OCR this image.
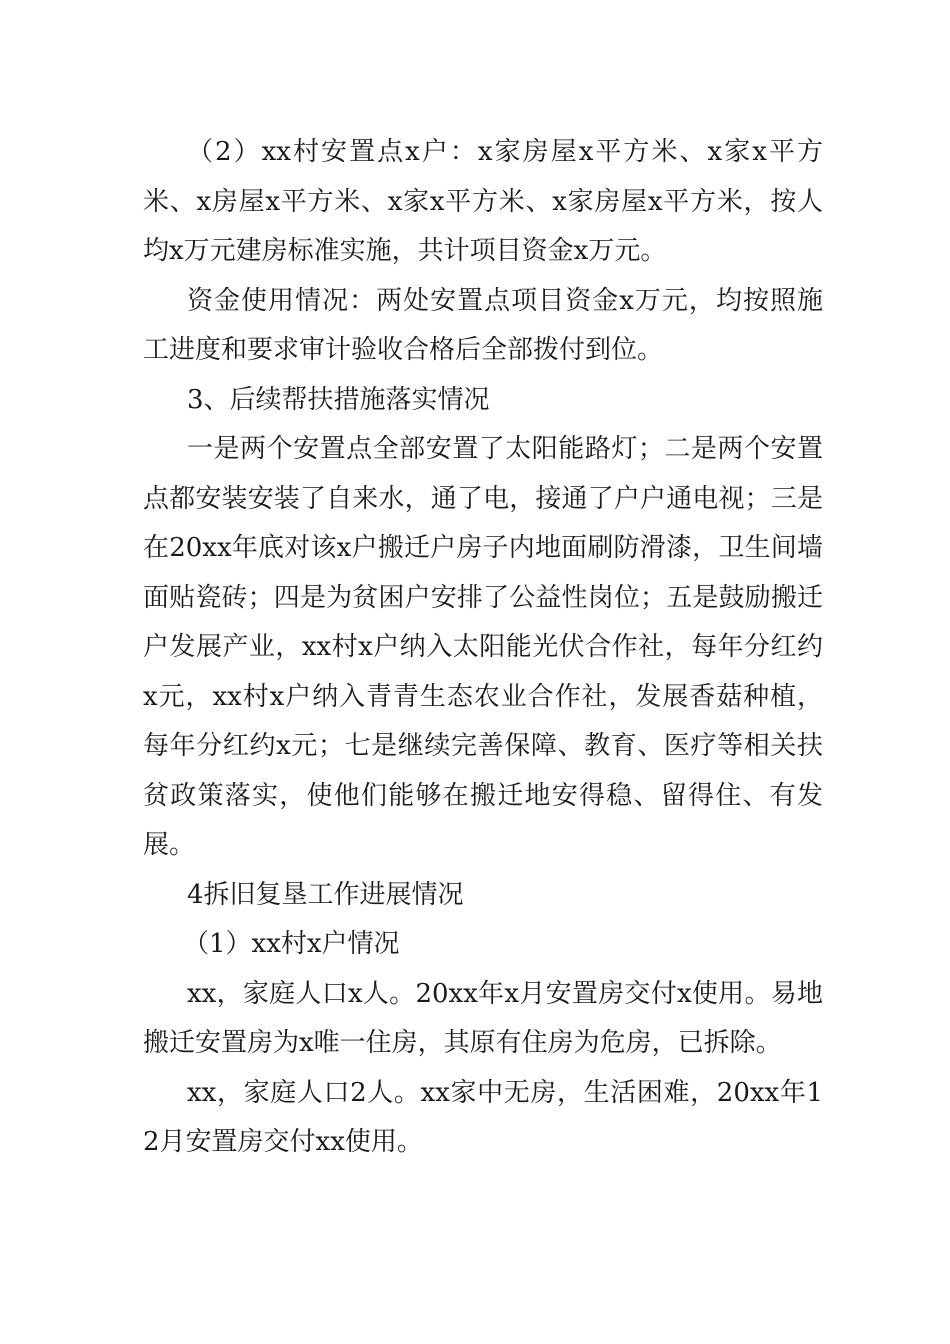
（2）xx村安置点x户：x家房屋x平方米、x家x平方米、x房屋x平方米、x家x平方米、x家房屋x平方米，按人均x万元建房标准实施，共计项目资金x万元。

资金使用情况：两处安置点项目资金x万元，均按照施工进度和要求审计验收合格后全部拨付到位。

3、后续帮扶措施落实情况

一是两个安置点全部安置了太阳能路灯；二是两个安置点都安装安装了自来水，通了电，接通了户户通电视；三是在20xx年底对该x户搬迁户房子内地面刷防滑漆，卫生间墙面贴瓷砖；四是为贫困户安排了公益性岗位；五是鼓励搬迁户发展产业，xx村x户纳入太阳能光伏合作社，每年分红约x元，xx村x户纳入青青生态农业合作社，发展香菇种植，每年分红约x元；七是继续完善保障、教育、医疗等相关扶贫政策落实，使他们能够在搬迁地安得稳、留得住、有发展。

4拆旧复垦工作进展情况

（1）xx村x户情况

xx，家庭人口x人。20xx年x月安置房交付x使用。易地搬迁安置房为x唯一住房，其原有住房为危房，已拆除。

xx，家庭人口2人。xx家中无房，生活困难，20xx年12月安置房交付xx使用。
